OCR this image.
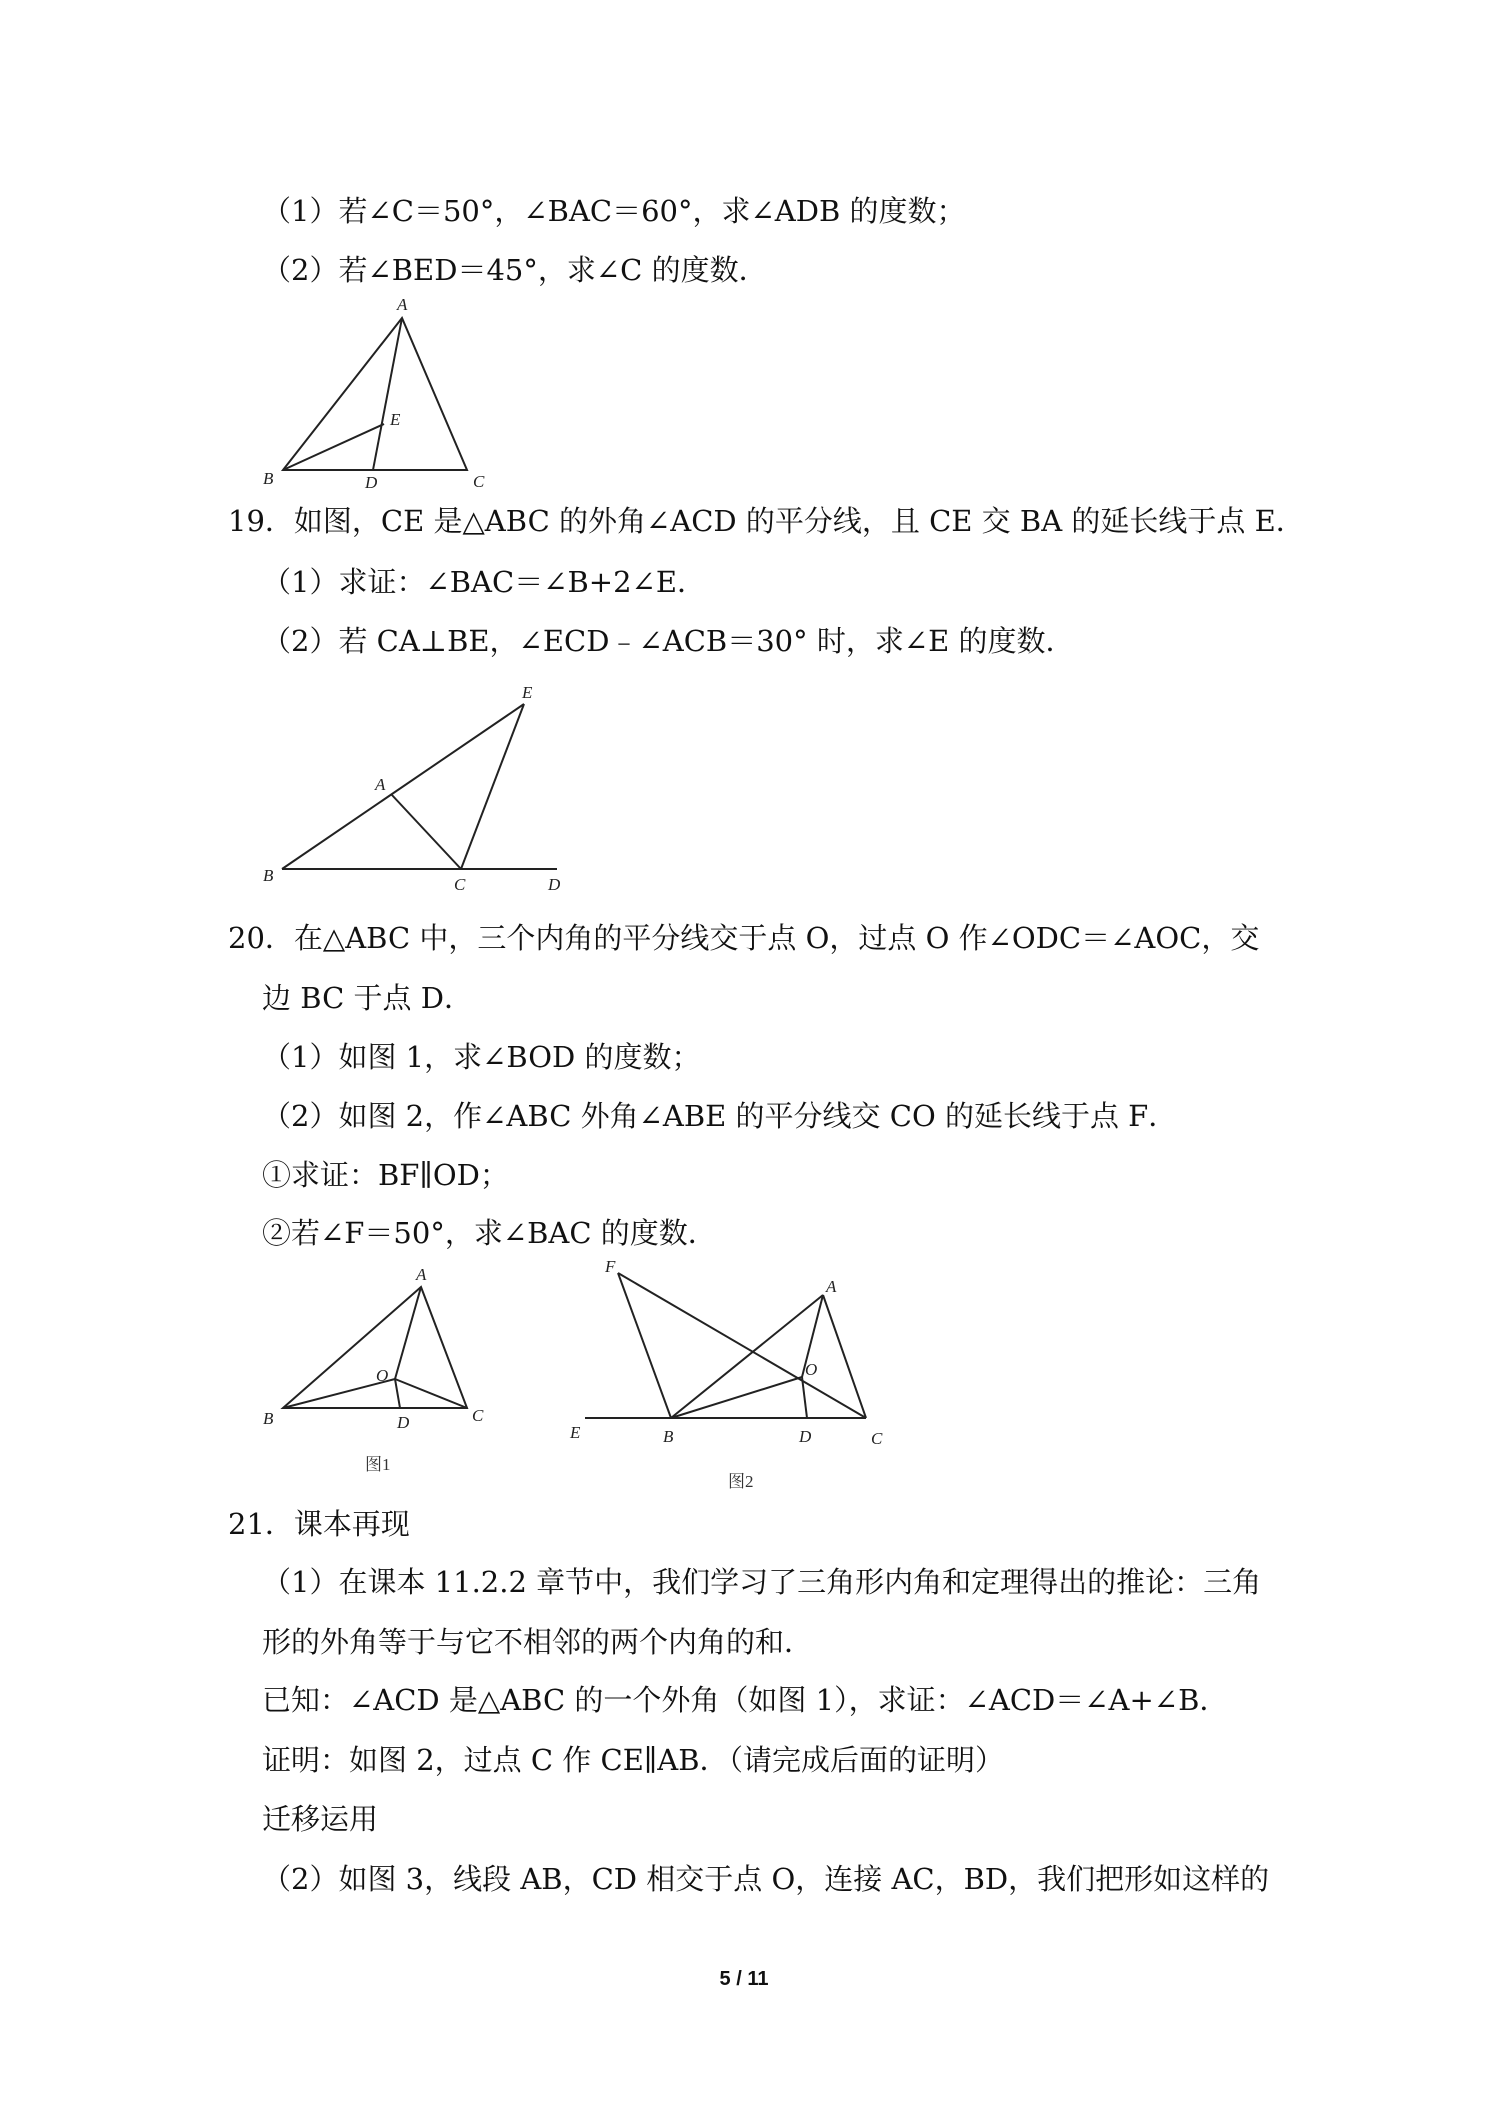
（1）若∠C＝50°，∠BAC＝60°，求∠ADB 的度数；
（2）若∠BED＝45°，求∠C 的度数．
A
B	C
D
E
19．如图，CE 是△ABC 的外角∠ACD 的平分线，且 CE 交 BA 的延长线于点 E．
（1）求证：∠BAC＝∠B+2∠E．
（2）若 CA⊥BE，∠ECD﹣∠ACB＝30° 时，求∠E 的度数．
E
A
B	C	D
20．在△ABC 中，三个内角的平分线交于点 O，过点 O 作∠ODC＝∠AOC，交
边 BC 于点 D．
（1）如图 1，求∠BOD 的度数；
（2）如图 2，作∠ABC 外角∠ABE 的平分线交 CO 的延长线于点 F．
①求证：BF∥OD；
②若∠F＝50°，求∠BAC 的度数．
A
B	C
D
O
图1
F
A
O
E	B	D	C
图2
21．课本再现
（1）在课本 11.2.2 章节中，我们学习了三角形内角和定理得出的推论：三角
形的外角等于与它不相邻的两个内角的和．
已知：∠ACD 是△ABC 的一个外角（如图 1），求证：∠ACD＝∠A+∠B．
证明：如图 2，过点 C 作 CE∥AB．（请完成后面的证明）
迁移运用
（2）如图 3，线段 AB，CD 相交于点 O，连接 AC，BD，我们把形如这样的
5 / 11
